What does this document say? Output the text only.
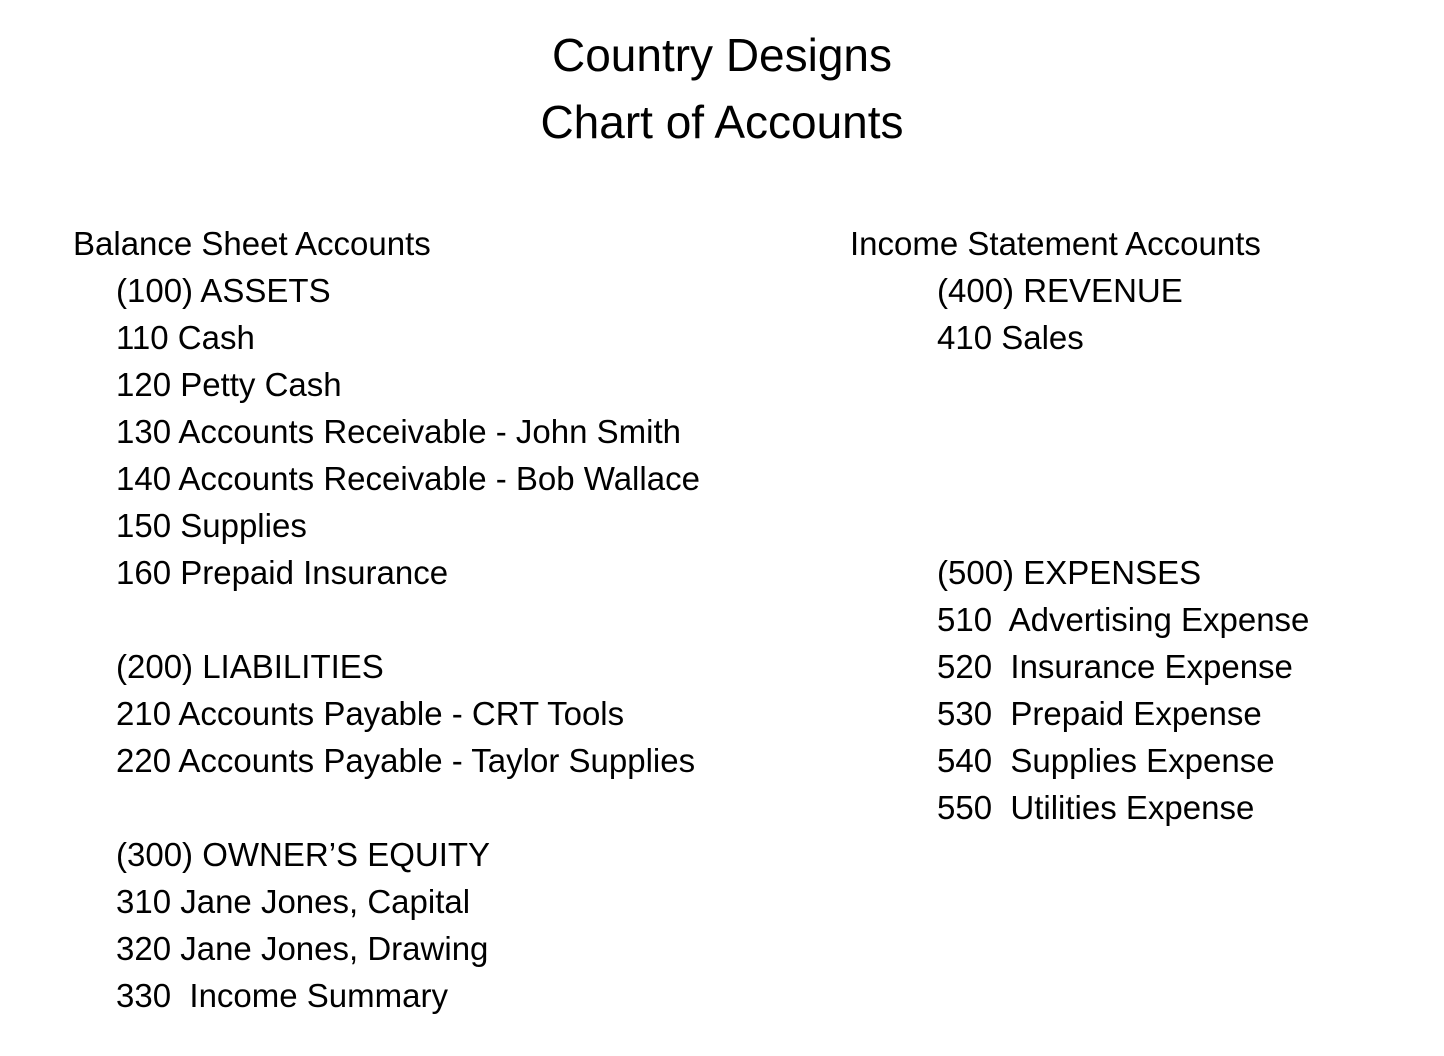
Country Designs
Chart of Accounts
Balance Sheet Accounts
(100) ASSETS
110 Cash
120 Petty Cash
130 Accounts Receivable - John Smith
140 Accounts Receivable - Bob Wallace
150 Supplies
160 Prepaid Insurance
(200) LIABILITIES
210 Accounts Payable - CRT Tools
220 Accounts Payable - Taylor Supplies
(300) OWNER’S EQUITY
310 Jane Jones, Capital
320 Jane Jones, Drawing
330  Income Summary
Income Statement Accounts
(400) REVENUE
410 Sales
(500) EXPENSES
510  Advertising Expense
520  Insurance Expense
530  Prepaid Expense
540  Supplies Expense
550  Utilities Expense
